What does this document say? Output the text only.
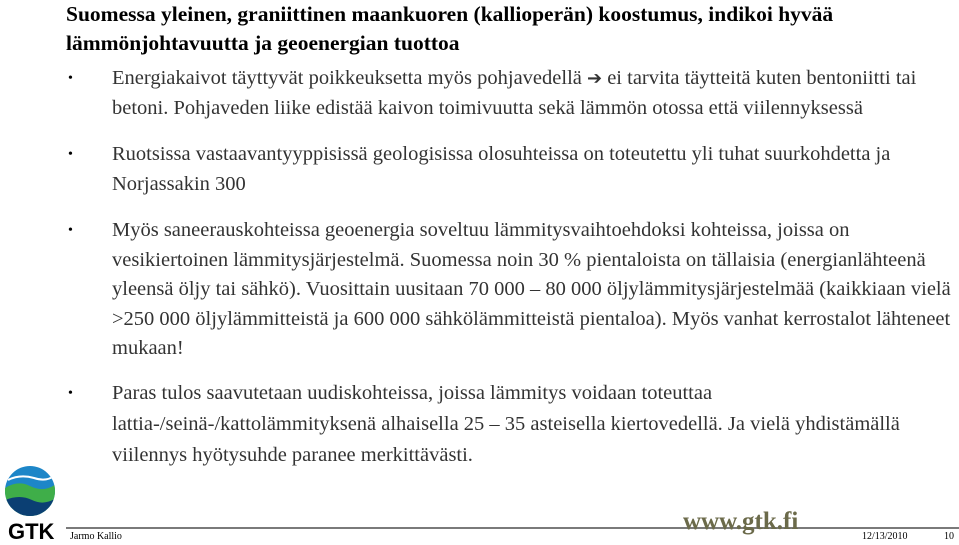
Suomessa yleinen, graniittinen maankuoren (kallioperän) koostumus, indikoi hyvää lämmönjohtavuutta ja geoenergian tuottoa
• Energiakaivot täyttyvät poikkeuksetta myös pohjavedellä ➔ ei tarvita täytteitä kuten bentoniitti tai betoni. Pohjaveden liike edistää kaivon toimivuutta sekä lämmön otossa että viilennyksessä
• Ruotsissa vastaavantyyppisissä geologisissa olosuhteissa on toteutettu yli tuhat suurkohdetta ja Norjassakin 300
• Myös saneerauskohteissa geoenergia soveltuu lämmitysvaihtoehdoksi kohteissa, joissa on vesikiertoinen lämmitysjärjestelmä. Suomessa noin 30 % pientaloista on tällaisia (energianlähteenä yleensä öljy tai sähkö). Vuosittain uusitaan 70 000 – 80 000 öljylämmitysjärjestelmää (kaikkiaan vielä >250 000 öljylämmitteistä ja 600 000 sähkölämmitteistä pientaloa). Myös vanhat kerrostalot lähteneet mukaan!
• Paras tulos saavutetaan uudiskohteissa, joissa lämmitys voidaan toteuttaa lattia-/seinä-/kattolämmityksenä alhaisella 25 – 35 asteisella kiertovedellä. Ja vielä yhdistämällä viilennys hyötysuhde paranee merkittävästi.
GTK Jarmo Kallio
www.gtk.fi
12/13/2010	10
